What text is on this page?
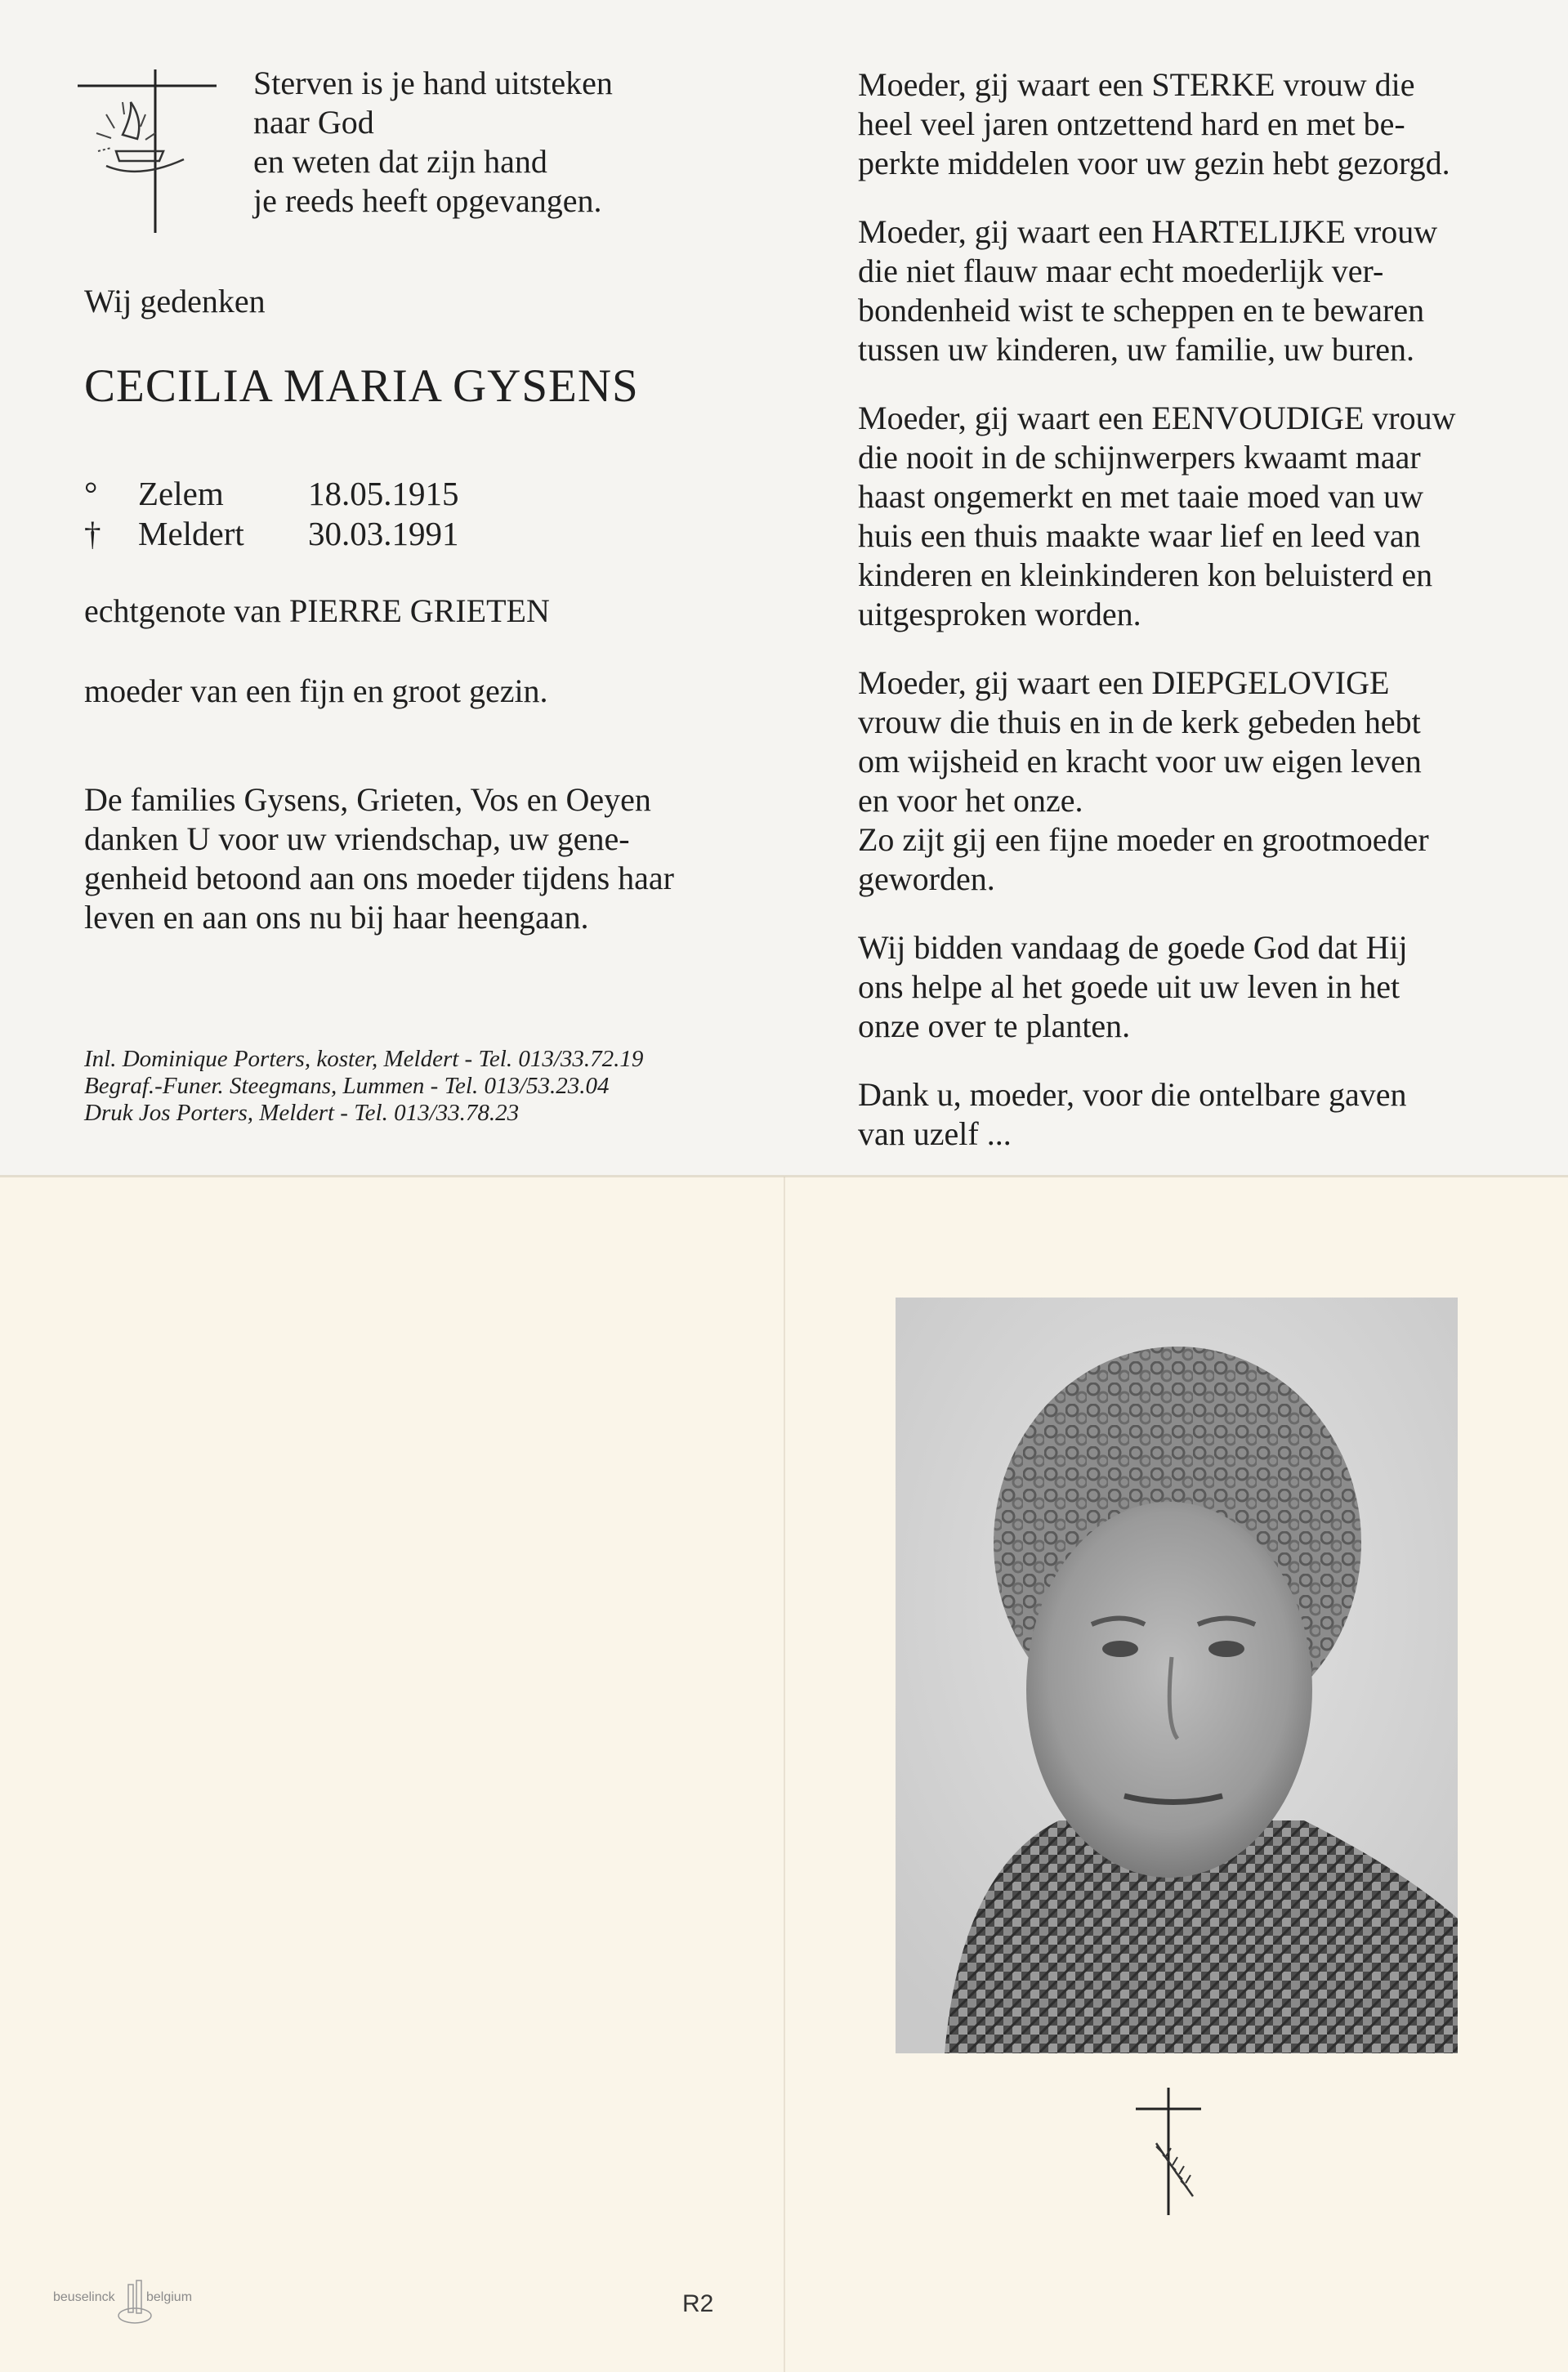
Sterven is je hand uitsteken
naar God
en weten dat zijn hand
je reeds heeft opgevangen.
Wij gedenken
CECILIA MARIA GYSENS
°	Zelem	18.05.1915
†	Meldert	30.03.1991
echtgenote van PIERRE GRIETEN
moeder van een fijn en groot gezin.
De families Gysens, Grieten, Vos en Oeyen
danken U voor uw vriendschap, uw gene-
genheid betoond aan ons moeder tijdens haar
leven en aan ons nu bij haar heengaan.
Inl. Dominique Porters, koster, Meldert - Tel. 013/33.72.19
Begraf.-Funer. Steegmans, Lummen - Tel. 013/53.23.04
Druk Jos Porters, Meldert - Tel. 013/33.78.23
Moeder, gij waart een STERKE vrouw die
heel veel jaren ontzettend hard en met be-
perkte middelen voor uw gezin hebt gezorgd.
Moeder, gij waart een HARTELIJKE vrouw
die niet flauw maar echt moederlijk ver-
bondenheid wist te scheppen en te bewaren
tussen uw kinderen, uw familie, uw buren.
Moeder, gij waart een EENVOUDIGE vrouw
die nooit in de schijnwerpers kwaamt maar
haast ongemerkt en met taaie moed van uw
huis een thuis maakte waar lief en leed van
kinderen en kleinkinderen kon beluisterd en
uitgesproken worden.
Moeder, gij waart een DIEPGELOVIGE
vrouw die thuis en in de kerk gebeden hebt
om wijsheid en kracht voor uw eigen leven
en voor het onze.
Zo zijt gij een fijne moeder en grootmoeder
geworden.
Wij bidden vandaag de goede God dat Hij
ons helpe al het goede uit uw leven in het
onze over te planten.
Dank u, moeder, voor die ontelbare gaven
van uzelf ...
beuselinck belgium	R2
